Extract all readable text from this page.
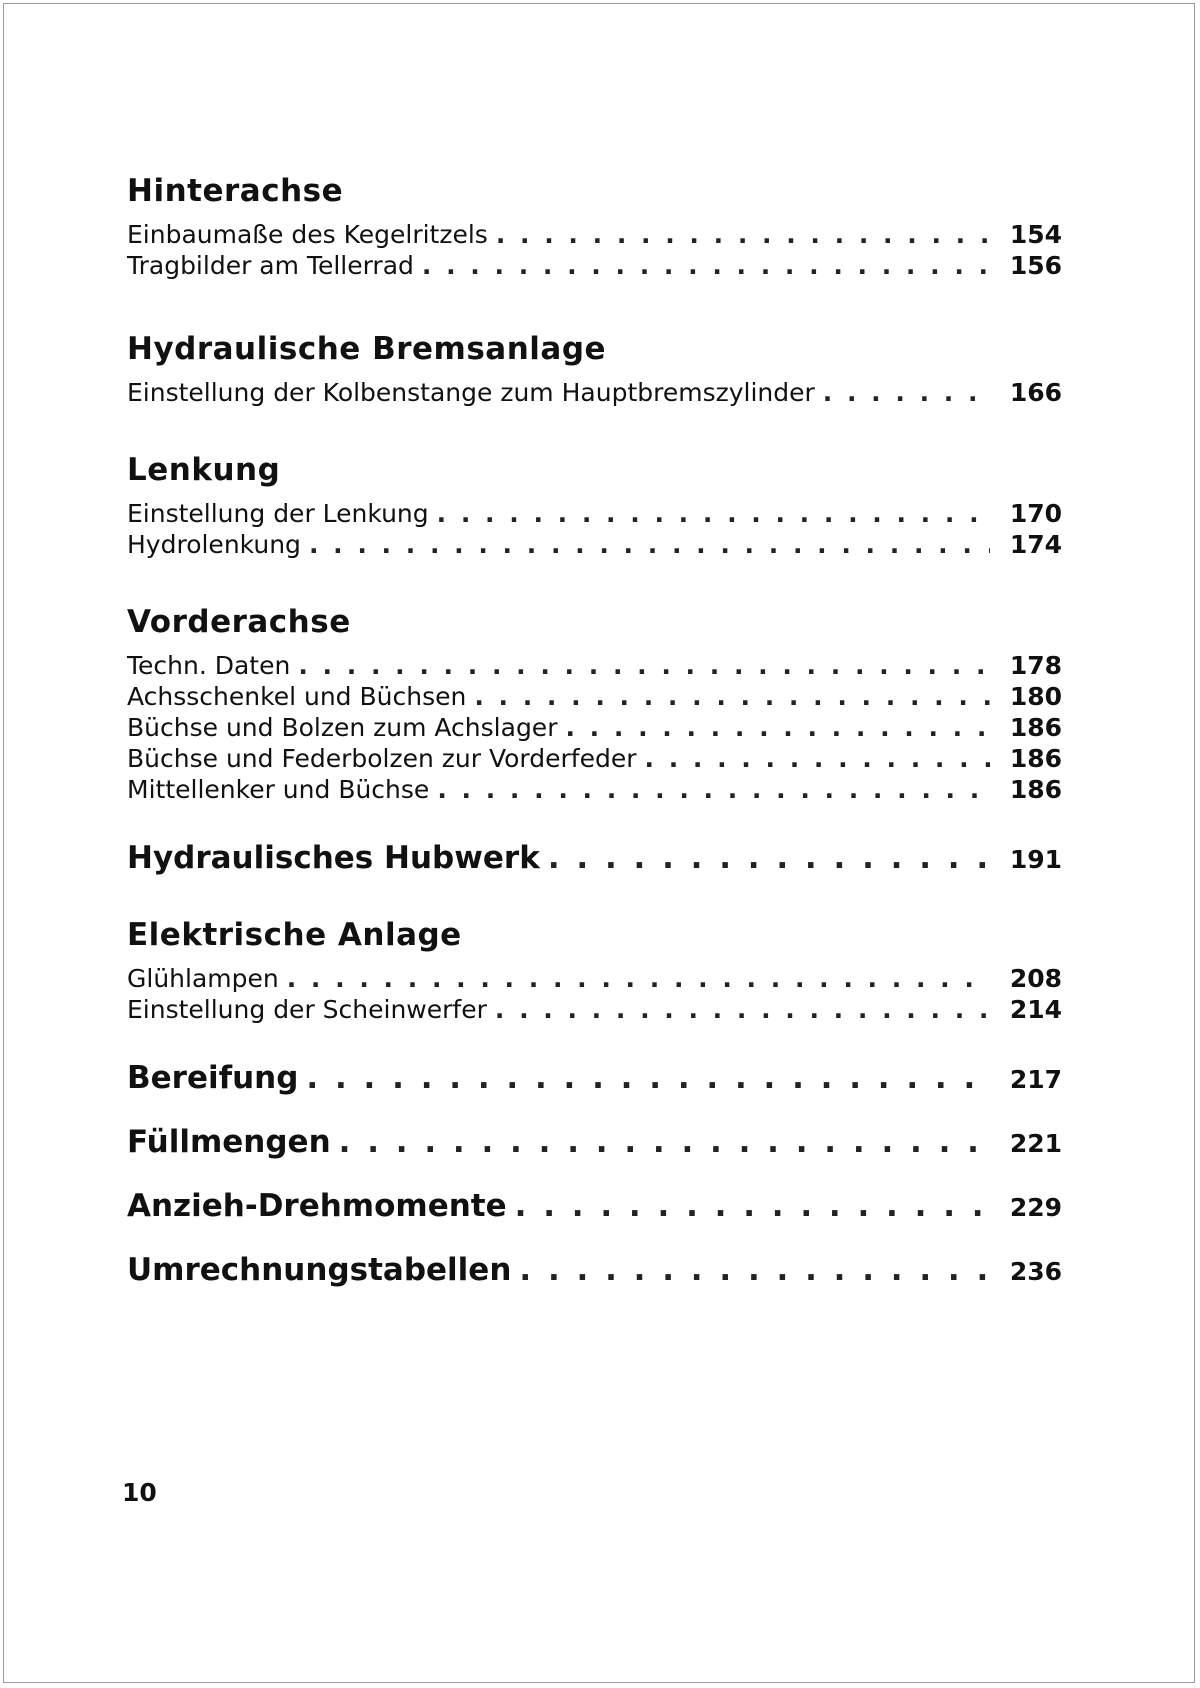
Hinterachse
Einbaumaße des Kegelritzels . . .	154
Tragbilder am Tellerrad . . .	156
Hydraulische Bremsanlage
Einstellung der Kolbenstange zum Hauptbremszylinder . . .	166
Lenkung
Einstellung der Lenkung . . .	170
Hydrolenkung . . .	174
Vorderachse
Techn. Daten . . .	178
Achsschenkel und Büchsen . . .	180
Büchse und Bolzen zum Achslager . . .	186
Büchse und Federbolzen zur Vorderfeder . . .	186
Mittellenker und Büchse . . .	186
Hydraulisches Hubwerk . . .	191
Elektrische Anlage
Glühlampen . . .	208
Einstellung der Scheinwerfer . . .	214
Bereifung . . .	217
Füllmengen . . .	221
Anzieh-Drehmomente . . .	229
Umrechnungstabellen . . .	236
10
